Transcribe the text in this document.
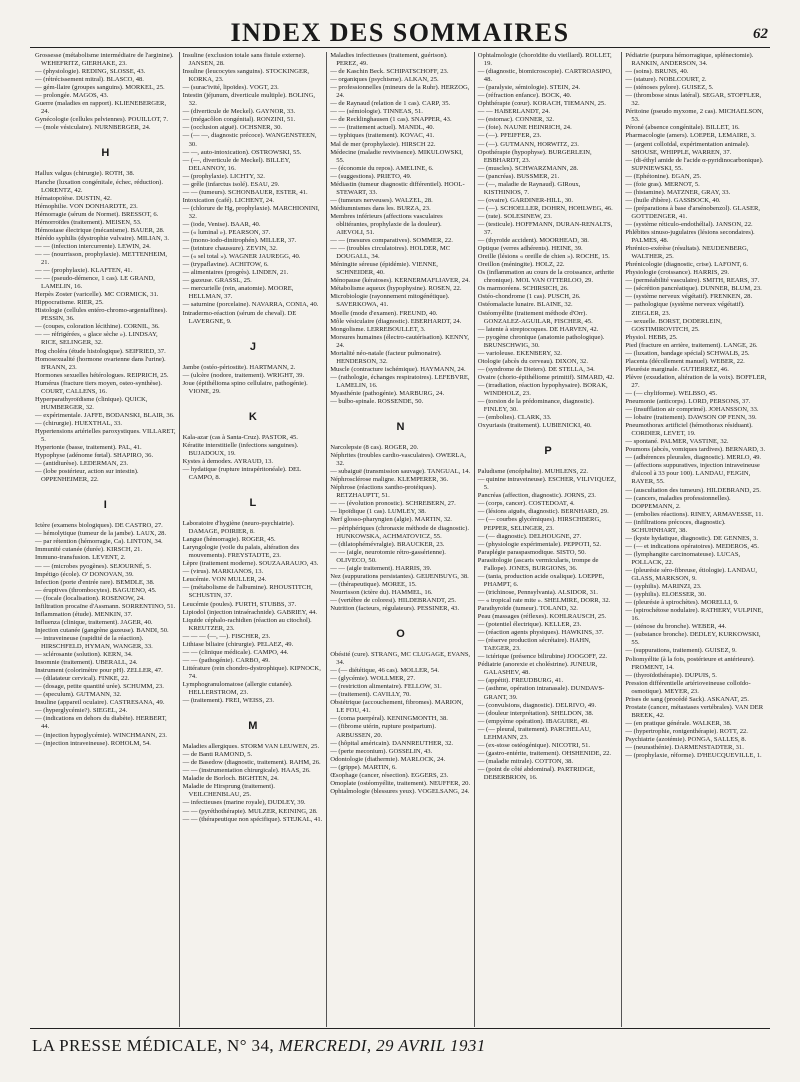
INDEX DES SOMMAIRES	62
Grossesse (métabolisme intermédiaire de l'arginine). WEHEFRITZ, GIERHAKE, 23.
— (physiologie). REDING, SLOSSE, 43.
— (rétrécissement mitral). BLASCO, 48.
— gém-llaire (groupes sanguins). MORKEL, 25.
— prolongée. MAGOS, 43.
Guerre (maladies en rapport). KLIENEBERGER, 24.
Gynécologie (cellules pelviennes). POUILLOT, 7.
— (mole vésiculaire). NURNBERGER, 24.
H
Hallux valgus (chirurgie). ROTH, 38.
Hanche (luxation congénitale, échec, réduction). LORENTZ, 42.
Hématopoïèse. DUSTIN, 42.
Hémophilie. VON DONHARDTE, 23.
Hémorragie (sérum de Normet). BRESSOT, 6.
Hémorroïdes (traitement). MEISEN, 53.
Hémostase électrique (mécanisme). BAUER, 28.
Hérédo syphilis (dystrophie vulvaire). MILIAN, 3.
— — (infection intercurrente). LEWIN, 24.
— — (nourrisson, prophylaxie). METTENHEIM, 21.
— — (prophylaxie). KLAFTEN, 41.
— — (pseudo-démence, 1 cas). LE GRAND, LAMELIN, 16.
Herpès Zoster (varicelle). MC CORMICK, 31.
Hippocratisme. RIER, 25.
Histologie (cellules entéro-chromo-argentaffines). PESSIN, 36.
— (coupes, coloration lécithine). CORNIL, 36.
— — réfrigérées, « glace sèche »). LINDSAY, RICE, SELINGER, 32.
Hog choléra (étude histologique). SEIFRIED, 37.
Homosexualité (hormone ovarienne dans l'urine). B'RANN, 23.
Hormones sexuelles hétérologues. REIPRICH, 25.
Humérus (fracture tiers moyen, osteo-synthèse). COURT, CALLENS, 16.
Hyperparathyroïdisme (clinique). QUICK, HUMBERGER, 32.
— expérimentale. JAFFE, BODANSKI, BLAIR, 36.
— (chirurgie). HUEXTHAL, 33.
Hypertensions artérielles paroxystiques. VILLARET, 5.
Hypertonie (basse, traitement). PAL, 41.
Hypophyse (adénome fœtal). SHAPIRO, 36.
— (antidiurèse). LEDERMAN, 23.
— (lobe postérieur, action sur intestin). OPPENHEIMER, 22.
I
Ictère (examens biologiques). DE CASTRO, 27.
— hémolytique (tumeur de la jambe). LAUX, 28.
— par rétention (hémorragie, Ca). LINTON, 34.
Immunité cutanée (durée). KIRSCH, 21.
Immuno-transfusion. LEVENT, 2.
— — (microbes pyogènes). SEJOURNÉ, 5.
Impétigo (école). O' DONOVAN, 39.
Infection (porte d'entrée rare). BEMDLE, 38.
— éruptives (thrombocytes). BAGUENO, 45.
— (focale (localisation). ROSENOW, 24.
Infiltration procaïne d'Assmann. SORRENTINO, 51.
Inflammation (étude). MENKIN, 37.
Influenza (clinique, traitement). JAGER, 40.
Injection cutanée (gangrène gazeuse). BANDI, 50.
— intraveineuse (rapidité de la réaction). HIRSCHFELD, HYMAN, WANGER, 33.
— sclérosante (solution). KERN, 34.
Insomnie (traitement). UBERALL, 24.
Instrument (colorimètre pour pH). ZELLER, 47.
— (dilatateur cervical). FINKE, 22.
— (dosage, petite quantité urée). SCHUMM, 23.
— (speculum). GUTMANN, 32.
Insuline (appareil oculaire). CASTRESANA, 49.
— (hyperglycémie?). SIEGEL, 24.
— (indications en dehors du diabète). HERBERT, 44.
— (injection hypoglycémie). WINCHMANN, 23.
— (injection intraveineuse). ROHOLM, 54.
Insuline (exclusion totale sans fistule externe). JANSEN, 28.
Insuline (leucocytes sanguins). STOCKINGER, KORKA, 23.
— (surac'ivité, lipoïdes). VOGT, 23.
Intestin (jéjunum, diverticule multiple). BOLING, 32.
— (diverticule de Meckel). GAYNOR, 33.
— (mégacôlon congénital). RONZINI, 51.
— (occlusion aiguë). OCHSNER, 30.
— (— —, diagnostic précoce). WANGENSTEEN, 30.
— —, auto-intoxication). OSTROWSKI, 55.
— (—, diverticule de Meckel). BILLEY, DELANNOY, 16.
— (prophylaxie). LICHTY, 32.
— grêle (infarctus isolé). ESAU, 29.
— — (tumeurs). SCHONBAUER, ESTER, 41.
Intoxication (café). LICHENT, 24.
— (chlorure de Hg, prophylaxie). MARCHIONINI, 32.
— (iode, Venise). BAAR, 40.
— (« luminal »). PEARSON, 37.
— (mono-iodo-dinitrophén). MILLER, 37.
— (teinture chaussure). ZEVIN, 32.
— (« sel total »). WAGNER JAUREGG, 40.
— (trypaflavine). ACHITOW, 6.
— alimentaires (progrès). LINDEN, 21.
— gazeuse. GRASSL, 25.
— mercurielle (rein, anatomie). MOORE, HELLMAN, 37.
— saturnine (porcelaine). NAVARRA, CONIA, 40.
Intradermo-réaction (sérum de cheval). DE LAVERGNE, 9.
J
Jambe (ostéo-périostite). HARTMANN, 2.
— (ulcère (nodore, traitement). WRIGHT, 39.
Joue (épithélioma spino cellulaire, pathogénie). VIONE, 29.
K
Kala-azar (cas à Santa-Cruz). PASTOR, 45.
Kératite interstitielle (infections sanguines). BUJADOUX, 19.
Kystes à demodex. AYRAUD, 13.
— hydatique (rupture intrapéritonéale). DEL CAMPO, 8.
L
Laboratoire d'hygiène (neuro-psychiatrie). DAMAGE, POIRIER, 8.
Langue (hémorragie). ROGER, 45.
Laryngologie (voile du palais, altération des mouvements). FREYSTADTE, 23.
Lèpre (traitement moderne). SOUZAARAUJO, 43.
— (virus). MARKIANOS, 13.
Leucémie. VON MULLER, 24.
— (métabolisme de l'albumine). RHOUSTITCH, SCHUSTIN, 37.
Leucémie (poules). FURTH, STUBBS, 37.
Lipiodol (injection intraérachnide). GABRIEY, 44.
Liquide céphalo-rachidien (réaction au citochol). KREUTZER, 23.
— — — (—, —). FISCHER, 23.
Lithiase biliaire (chirurgie). PELAEZ, 49.
— — (clinique médicale). CAMPO, 44.
— — (pathogénie). CARBO, 49.
Littérature (rein chondro-dystrophique). KIPNOCK, 74.
Lymphogranulomatose (allergie cutanée). HELLERSTROM, 23.
— (traitement). FREI, WEISS, 23.
M
Maladies allergiques. STORM VAN LEUWEN, 25.
— de Banti RAMOND, 5.
— de Basedow (diagnostic, traitement). RAHM, 26.
— — (instrumentation chirurgicale). HAAS, 26.
Maladie de Borloch. BIGHTEN, 24.
Maladie de Hirsprung (traitement). VEILCHENBLAU, 25.
— infectieuses (marine royale), DUDLEY, 39.
— — (pyréthothérapie). MULZER, KEINING, 28.
— — (thérapeutique non spécifique). STEJKAL, 41.
Maladies infectieuses (traitement, guérison). PEREZ, 49.
— de Kaschin Beck. SCHIPATSCHOFF, 23.
— organiques (psychisme). ALKAN, 25.
— professionnelles (mineurs de la Ruhr). HERZOG, 24.
— de Raynaud (relation de 1 cas). CARP, 35.
— — (sémiologie). TINNEAS, 51.
— de Recklinghausen (1 cas). SNAPPER, 43.
— — (traitement actuel). MANDL, 40.
— typhiques (traitement). KOVAC, 41.
Mal de mer (prophylaxie). HIRSCH 22.
Médecine (maladie revivisence). MIKULOWSKI, 55.
— (économie du repos). AMELINE, 6.
— (suggestions). PRIETO, 49.
Médiastin (tumeur diagnostic différentiel). HOOL-STEWART, 33.
— (tumeurs nerveuses). WALZEL, 28.
Médiumnismes dans les. BURZA, 23.
Membres inférieurs (affections vasculaires oblitérantes, prophylaxie de la douleur). AIEVOLI, 51.
— — (mesures comparatives). SOMMER, 22.
— — (troubles circulatoires). HOLDER, MC DOUGALL, 34.
Méningite séreuse (épidémie). VIENNE, SCHNEIDER, 40.
Ménopause (kératoses). KERNERMAFLIAVER, 24.
Métabolisme aqueux (hypophysine). ROSEN, 22.
Microbiologie (rayonnement mitogénétique). SAVERKOWA, 41.
Moelle (mode d'examen). FREUND, 40.
Môle vésiculaire (diagnostic). EBERHARDT, 24.
Mongolisme. LERREBOULLET, 3.
Morsures humaines (électro-cautérisation). KENNY, 24.
Mortalité néo-natale (facteur pulmonaire). HENDERSON, 32.
Muscle (contracture ischémique). HAYMANN, 24.
— (rathologie, échanges respiratoires). LEFEBVRE, LAMELIN, 16.
Myasthénie (pathogénie). MARBURG, 24.
— bulbo-spinale. ROSSENDE, 50.
N
Narcolepsie (8 cas). ROGER, 20.
Néphrites (troubles cardio-vasculaires). OWERLA, 32.
— subaiguë (transmission sauvage). TANGUAL, 14.
Néphrosclérose maligne. KLEMPERER, 36.
Néphrose (réactions xantho-protéiques). RETZHAUPTT, 51.
— — (évolution pronostic). SCHREBERN, 27.
— lipoïdique (1 cas). LUMLEY, 38.
Nerf glosso-pharyngien (algie). MARTIN, 32.
— périphériques (chronaxie méthode de diagnostic). HUNKOWSKA, ACHMATOVICZ, 55.
— (dilatophémévralgie). BRAUCKER, 23.
— — (aigle, neurotomie rétro-gassérienne). OLIVECO, 50.
— — (aigle traitement). HARRIS, 39.
Nez (suppurations persistantes). GEIJENBUYG, 38.
— (thérapeutique). MOREE, 15.
Nourrisson (ictère du). HAMMEL, 16.
— (vertèbre de coloresi). HILDEBRANDT, 25.
Nutrition (facteurs, régulateurs). PESSINER, 43.
O
Obésité (cure). STRANG, MC CLUGAGE, EVANS, 34.
— (— diététique, 46 cas). MOLLER, 54.
— (glycémie). WOLLMER, 27.
— (restriction alimentaire). FELLOW, 31.
— (traitement). CAVILLY, 70.
Obstétrique (accouchement, fibromes). MARION, LE FOU, 41.
— (coma puerpéral). KENINGMONTH, 38.
— (fibrome utérin, rupture postpartum). ARBUSSEN, 20.
— (hôpital américain). DANNREUTHER, 32.
— (perte meconium). GOSSELIN, 43.
Odontologie (diathermie). MARLOCK, 24.
— (grippe). MARTIN, 6.
Œsophage (cancer, résection). EGGERS, 23.
Omoplate (ostéomyélite, traitement). NEUFFER, 20.
Ophtalmologie (blessures yeux). VOGELSANG, 24.
Ophtalmologie (choroïdite du vieillard). ROLLET, 19.
— (diagnostic, biomicroscopie). CARTROASIPO, 48.
— (paralysie, sémiologie). STEIN, 24.
— (réfraction enfance). BOCK, 40.
Ophthérapie (cœur). KORACH, TIEMANN, 25.
— — HABERLANDT, 24.
— (estomac). CONNER, 32.
— (foie). NAUNE HEINRICH, 24.
— (—). PFEIFFER, 23.
— (—). GUTMANN, HORWITZ, 23.
Opothérapie (hypophyse). BURGERLEIN, EBBHARDT, 23.
— (muscles). SCHWARZMANN, 28.
— (pancréas). BUSSMER, 21.
— (—, maladie de Raynaud). GIRoux, KISTHINIOS, 7.
— (ovaire). GARDINER-HILL, 30.
— (—). SCHOELLER, DOHRN, HOHLWEG, 46.
— (rate). SOLESINEW, 23.
— (testicule). HOFFMANN, DURAN-RENALTS, 37.
— (thyroïde accident). MOORHEAD, 38.
Optique (verres adhérents). HEINE, 39.
Oreille (lésions « oreille de chien »). ROCHE, 15.
Oreillon (méningite). HOLZ, 22.
Os (inflammation au cours de la croissance, arthrite chronique). MOL VAN OTTERLOO, 29.
Os marmoréens. SCHIRSICH, 26.
Ostéo-chondrome (1 cas). PUSCH, 26.
Ostéomalacie lunaire. BLAINE, 32.
Ostéomyélite (traitement méthode d'Orr). GONZALEZ-AGUILAR, FISCHER, 45.
— latente à streptocoques. DE HARVEN, 42.
— pyogène chronique (anatomie pathologique). BRUNSCHWIG, 30.
— varioleuse. EKENBERY, 32.
Otologie (abcès du cerveau). DIXON, 32.
— (syndrome de Dieters). DE STELLA, 34.
Ovaire (chorio-épithéliome primitif). SIMARD, 42.
— (irradiation, réaction hypophysaire). BORAK, WINDHOLZ, 23.
— (torsion de la prédominance, diagnostic). FINLEY, 30.
— (embolies). CLARK, 33.
Oxyuriasis (traitement). LUBIENICKI, 40.
P
Paludisme (encéphalite). MUHLENS, 22.
— quinine intraveineuse). ESCHER, VILIVIQUEZ, 5.
Pancréas (affection, diagnostic). JORNS, 23.
— (corps, cancer). COSTEDOAT, 4.
— (lésions aiguës, diagnostic). BERNHARD, 29.
— (— courbes glycémiques). HIRSCHBERG, PEPPER, SELINGER, 23.
— (— diagnostic). DELHOUGNE, 27.
— (physiologie expérimentale). PEPPOTI, 52.
Paraplégie paraspasmodique. SISTO, 50.
Parasitologie (ascaris vermicularis, trompe de Fallope). JONES, BURGIONS, 36.
— (tania, production acide oxalique). LOEPPE, PHAMPT, 6.
— (trichinose, Pennsylvania). ALSIDOR, 31.
— « tropical rate mite ». SHELMIRE, DORR, 32.
Parathyroïde (tumeur). TOLAND, 32.
Peau (massages (réflexes). KOHLRAUSCH, 25.
— (potentiel électrique). KELLER, 23.
— (réaction agents physiques). HAWKINS, 37.
— (réserve production sécrétaire). HAHN, TAEGER, 23.
— ictérique (présence bilirubine) JOOGOFF, 22.
Pédiatrie (anorexie et choléstrine). JUNEUR, GALASHEV, 48.
— (appétit). FREUDBURG, 41.
— (asthme, opération intranasale). DUNDAVS-GRANT, 39.
— (convulsions, diagnostic). DELRIVO, 49.
— (douleur interprétation). SHELDON, 38.
— (empyème opération). IBAGUIRE, 49.
— (— pleural, traitement). PARCHELAU, LEHMANN, 23.
— (ex-stose ostéogénique). NICOTRI, 51.
— (gastro-entérite, traitement). OHSHENIDE, 22.
— (maladie mitrale). COTTON, 38.
— (point de côté abdominal). PARTRIDGE, DEBERBRION, 16.
Pédiatrie (purpura hémorragique, splénectomie). RANKIN, ANDERSON, 34.
— (soins). BRUNS, 40.
— (stature). NOBLCOURT, 2.
— (sténoses pylore). GUISEZ, 5.
— (thrombose sinus latéral). SEGAR, STOFFLER, 32.
Péritoine (pseudo myxome, 2 cas). MICHAELSON, 53.
Péroné (absence congénitale). BILLET, 16.
Pharmacologie (amers). LOEPER, LEMAIRE, 3.
— (argent colloïdal, expérimentation animale). SHOUSE, WHIPPLE, WARREN, 37.
— (di-éthyl amide de l'acide α-pyridinocarbonique). SUPNIEWSKI, 55.
— (Ephétonine). EGAN, 25.
— (foie gras). MERNOT, 5.
— (histamine). MATZNER, GRAY, 33.
— (huile d'ibère). GASSBOCK, 40.
— (préparations à base d'arsénobenzol). GLASER, GOTTDENGER, 41.
— (système réticulo-endothélial). JANSON, 22.
Phlébites sinuso-jugulaires (lésions secondaires). PALMES, 48.
Phrénico-exérèse (résultats). NEUDENBERG, WALTHER, 25.
Phrénicologie (diagnostic, crise). LAFONT, 6.
Physiologie (croissance). HARRIS, 29.
— (perméabilité vasculaire). SMITH, REARS, 37.
— (sécrétion pancréatique). DUNNER, BLUM, 23.
— (système nerveux végétatif). FRENKEN, 28.
— pathologique (système nerveux végétatif). ZIEGLER, 23.
— sexuelle. BORST, DODERLEIN, GOSTIMIROVITCH, 25.
Physiol. HEBB, 25.
Pied (fracture en arrière, traitement). LANGE, 26.
— (luxation, bandage spécial) SCHWALB, 25.
Placenta (décollement manuel). WEBER, 22.
Pleurésie marginale. GUTIERREZ, 46.
Plèvre (exsudation, altération de la voix). BOFFLER, 27.
— (— chyliforme). WELBSO, 45.
Pneumonie (anticorps). LORD, PERSONS, 37.
— (insufflation air comprimé). JOHANSSON, 33.
— lobaire (traitement). DAWSON OP FENN, 39.
Pneumothorax artificiel (hémothorax résiduant). CORDIER, LEVET, 19.
— spontané. PALMER, VASTINE, 32.
Poumons (abcès, vomiques tardives). BERNARD, 3.
— (adhérences pleurales, diagnostic). MERLO, 49.
— (affections suppuratives, injection intraveineuse d'alcool à 33 pour 100). LANDAU, FEJGIN, RAYER, 55.
— (auscultation des tumeurs). HILDEBRAND, 25.
— (cancers, maladies professionnelles). DOPPEMANN, 2.
— (embolies réactions). RINEY, ARMAVESSE, 11.
— (infiltrations précoces, diagnostic). SCHUHNHART, 38.
— (kyste hydatique, diagnostic). DE GENNES, 3.
— (— et indications opératoires). MEDEROS, 45.
— (lymphangite carcinomateuse). LUCAS, POLLACK, 22.
— (pleurésie séro-fibreuse, étiologie). LANDAU, GLASS, MARKSON, 9.
— (syphilis). MARINZI, 23.
— (syphilis). ELOESSER, 30.
— (pleurésie à spirochètes). MORELLI, 9.
— (spirochétose nodulaire). RATHERY, VULPINE, 16.
— (sténose du bronche). WEBER, 44.
— (substance bronche). DEDLEY, KURKOWSKI, 55.
— (suppurations, traitement). GUISEZ, 9.
Poliomyélite (à la fois, postérieure et antérieure). FROMENT, 14.
— (thyroïdothérapie). DUPUIS, 5.
Pression différentielle artérioveineuse colloïdo-osmotique). MEYER, 23.
Prises de sang (procédé Sack). ASKANAT, 25.
Prostate (cancer, métastases vertébrales). VAN DER BREEK, 42.
— (en pratique générale. WALKER, 38.
— (hypertrophie, rontgenthérapie). ROTT, 22.
Psychiatrie (azotémie). PONGA, SALLES, 8.
— (neurasthénie). DARMENSTADTER, 31.
— (prophylaxie, réforme). D'HEUCQUEVILLE, 1.
LA PRESSE MÉDICALE, N° 34, MERCREDI, 29 AVRIL 1931
